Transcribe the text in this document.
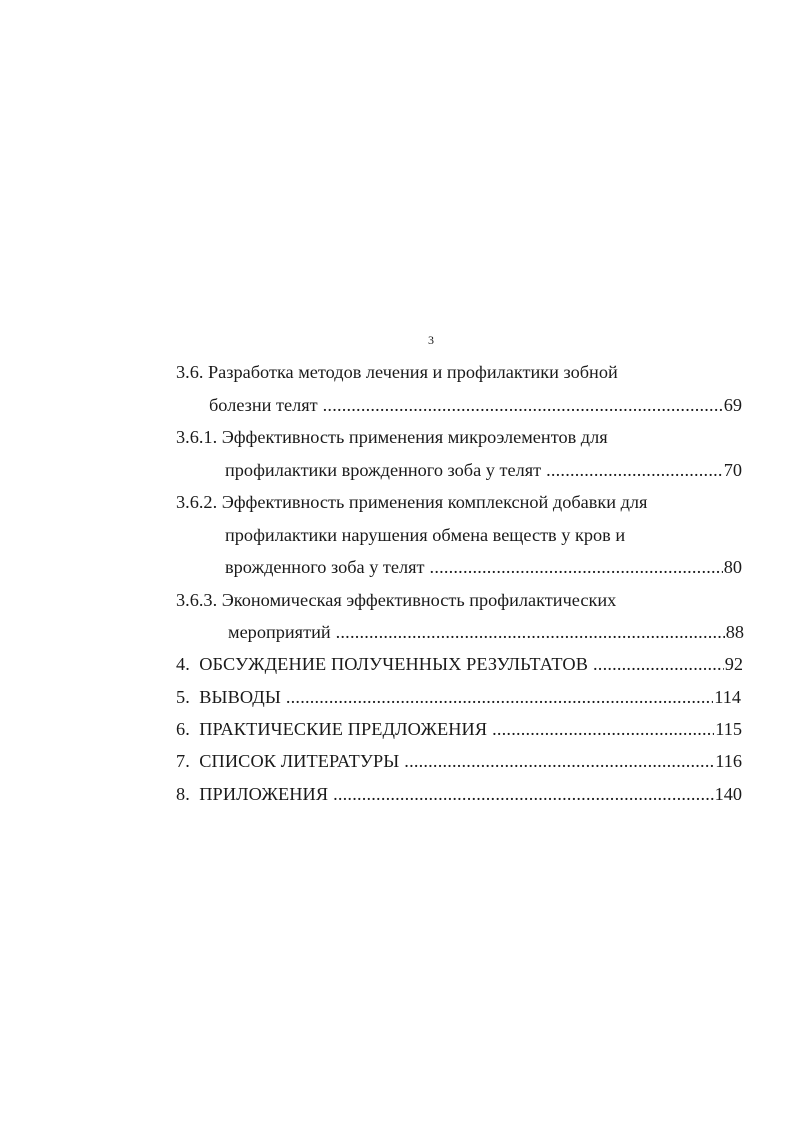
3
3.6. Разработка методов лечения и профилактики зобной
болезни телят .....	69
3.6.1. Эффективность применения микроэлементов для
профилактики врожденного зоба у телят .....	70
3.6.2. Эффективность применения комплексной добавки для
профилактики нарушения обмена веществ у кров и
врожденного зоба у телят .....	80
3.6.3. Экономическая эффективность профилактических
мероприятий .....	88
4.  ОБСУЖДЕНИЕ ПОЛУЧЕННЫХ РЕЗУЛЬТАТОВ .....	92
5.  ВЫВОДЫ .....	114
6.  ПРАКТИЧЕСКИЕ ПРЕДЛОЖЕНИЯ .....	115
7.  СПИСОК ЛИТЕРАТУРЫ .....	116
8.  ПРИЛОЖЕНИЯ .....	140
